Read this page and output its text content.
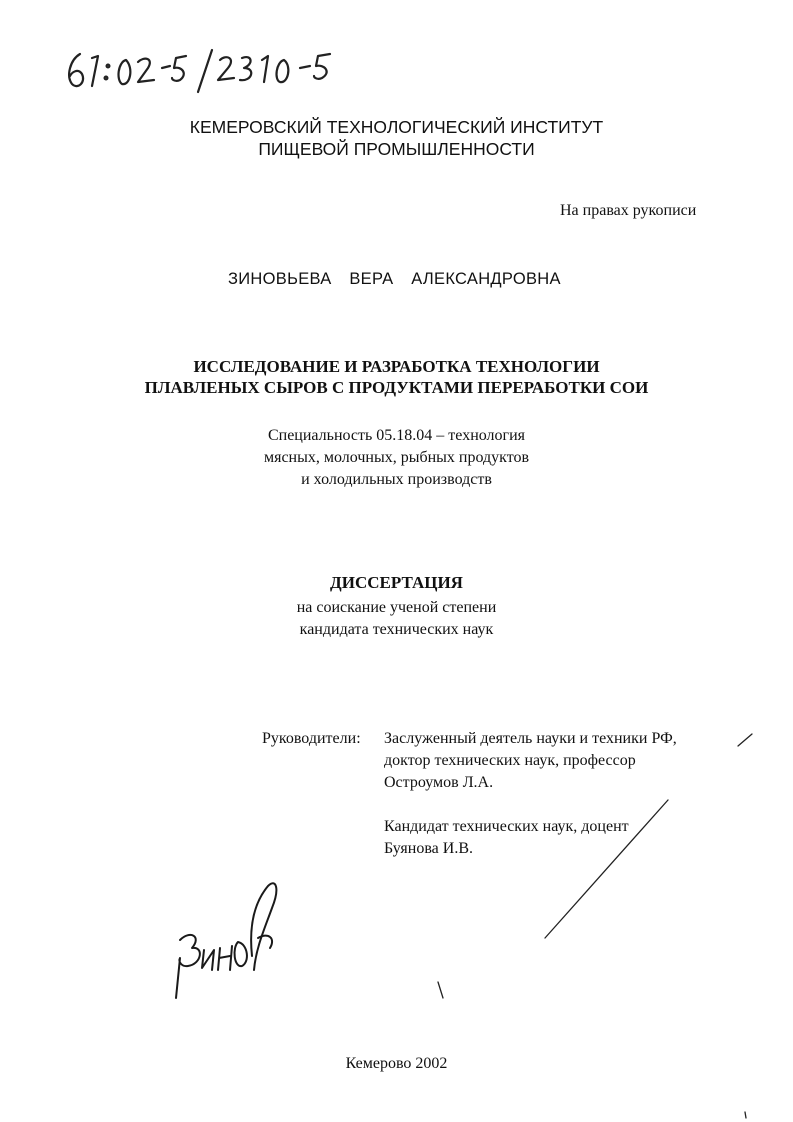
КЕМЕРОВСКИЙ ТЕХНОЛОГИЧЕСКИЙ ИНСТИТУТ
ПИЩЕВОЙ ПРОМЫШЛЕННОСТИ
На правах рукописи
ЗИНОВЬЕВА  ВЕРА  АЛЕКСАНДРОВНА
ИССЛЕДОВАНИЕ И РАЗРАБОТКА ТЕХНОЛОГИИ
ПЛАВЛЕНЫХ СЫРОВ С ПРОДУКТАМИ ПЕРЕРАБОТКИ СОИ
Специальность 05.18.04 – технология
мясных, молочных, рыбных продуктов
и холодильных производств
ДИССЕРТАЦИЯ
на соискание ученой степени
кандидата технических наук
Руководители: Заслуженный деятель науки и техники РФ,
доктор технических наук, профессор
Остроумов Л.А.
Кандидат технических наук, доцент
Буянова И.В.
Кемерово 2002
